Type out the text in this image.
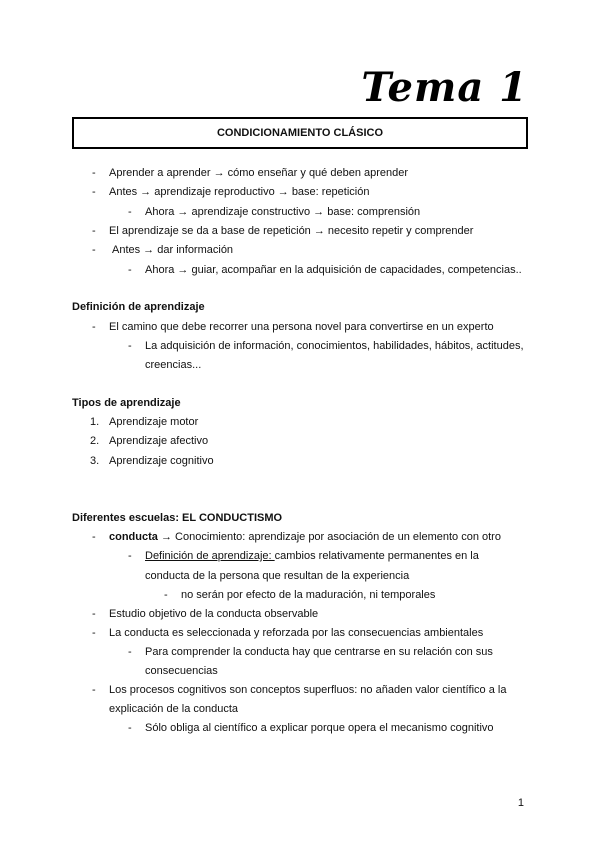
Tema 1
CONDICIONAMIENTO CLÁSICO
- Aprender a aprender → cómo enseñar y qué deben aprender
- Antes → aprendizaje reproductivo → base: repetición
- Ahora → aprendizaje constructivo → base: comprensión
- El aprendizaje se da a base de repetición → necesito repetir y comprender
- Antes → dar información
- Ahora → guiar, acompañar en la adquisición de capacidades, competencias..
Definición de aprendizaje
- El camino que debe recorrer una persona novel para convertirse en un experto
- La adquisición de información, conocimientos, habilidades, hábitos, actitudes,
creencias...
Tipos de aprendizaje
1. Aprendizaje motor
2. Aprendizaje afectivo
3. Aprendizaje cognitivo
Diferentes escuelas: EL CONDUCTISMO
- conducta → Conocimiento: aprendizaje por asociación de un elemento con otro
- Definición de aprendizaje: cambios relativamente permanentes en la
conducta de la persona que resultan de la experiencia
- no serán por efecto de la maduración, ni temporales
- Estudio objetivo de la conducta observable
- La conducta es seleccionada y reforzada por las consecuencias ambientales
- Para comprender la conducta hay que centrarse en su relación con sus
consecuencias
- Los procesos cognitivos son conceptos superfluos: no añaden valor científico a la
explicación de la conducta
- Sólo obliga al científico a explicar porque opera el mecanismo cognitivo
1
